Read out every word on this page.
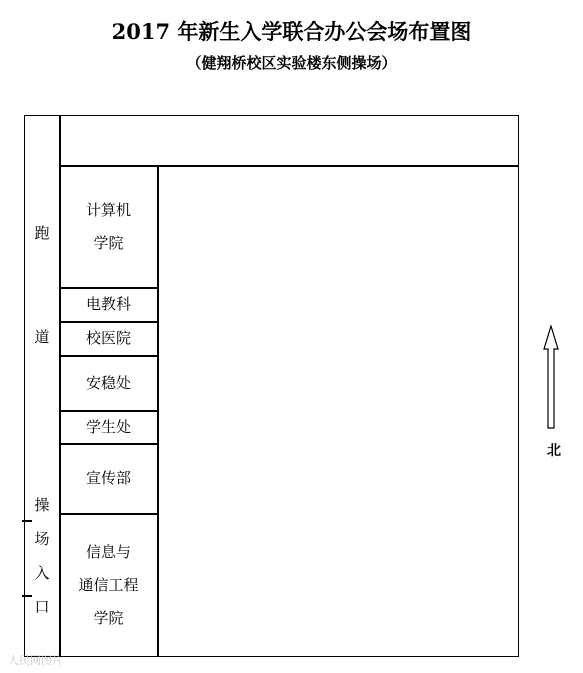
2017 年新生入学联合办公会场布置图
（健翔桥校区实验楼东侧操场）
计算机
学院
电教科
校医院
安稳处
学生处
宣传部
信息与
通信工程
学院
跑
道
操
场
入
口
北
人民网图片
